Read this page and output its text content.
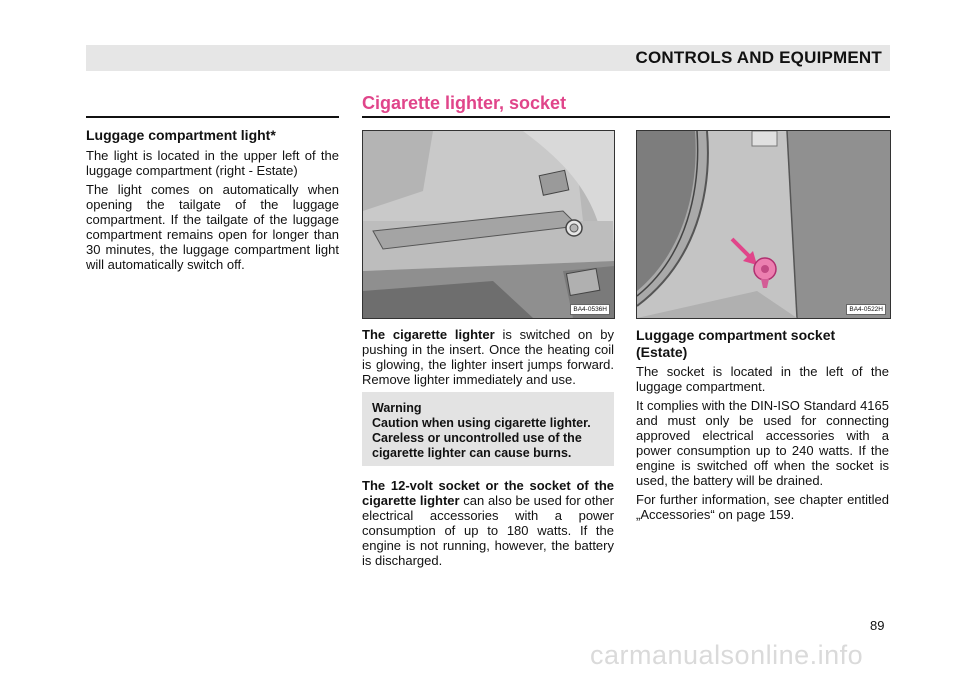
CONTROLS AND EQUIPMENT
Luggage compartment light*

The light is located in the upper left of the luggage compartment (right - Estate)

The light comes on automatically when opening the tailgate of the luggage compartment. If the tailgate of the luggage compartment remains open for longer than 30 minutes, the luggage compartment light will automatically switch off.

Cigarette lighter, socket
BA4-0536H	BA4-0522H

The cigarette lighter is switched on by pushing in the insert. Once the heating coil is glowing, the lighter insert jumps forward. Remove lighter immediately and use.

Warning
Caution when using cigarette lighter.
Careless or uncontrolled use of the
cigarette lighter can cause burns.

The 12-volt socket or the socket of the cigarette lighter can also be used for other electrical accessories with a power consumption of up to 180 watts. If the engine is not running, however, the battery is discharged.

Luggage compartment socket
(Estate)

The socket is located in the left of the luggage compartment.

It complies with the DIN-ISO Standard 4165 and must only be used for connecting approved electrical accessories with a power consumption up to 240 watts. If the engine is switched off when the socket is used, the battery will be drained.

For further information, see chapter entitled „Accessories“ on page 159.

89
carmanualsonline.info
